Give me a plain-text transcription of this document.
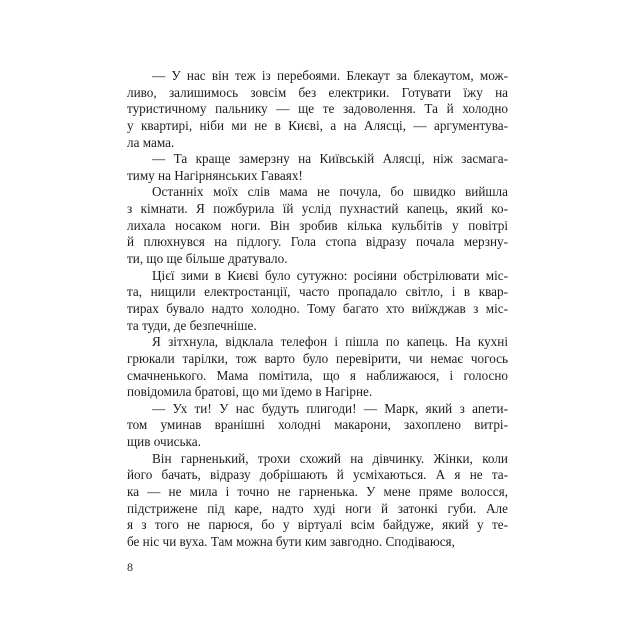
— У нас він теж із перебоями. Блекаут за блекаутом, мож-
ливо, залишимось зовсім без електрики. Готувати їжу на
туристичному пальнику — ще те задоволення. Та й холодно
у квартирі, ніби ми не в Києві, а на Алясці, — аргументува-
ла мама.
— Та краще замерзну на Київській Алясці, ніж засмага-
тиму на Нагірнянських Гаваях!
Останніх моїх слів мама не почула, бо швидко вийшла
з кімнати. Я пожбурила їй услід пухнастий капець, який ко-
лихала носаком ноги. Він зробив кілька кульбітів у повітрі
й плюхнувся на підлогу. Гола стопа відразу почала мерзну-
ти, що ще більше дратувало.
Цієї зими в Києві було сутужно: росіяни обстрілювати міс-
та, нищили електростанції, часто пропадало світло, і в квар-
тирах бувало надто холодно. Тому багато хто виїжджав з міс-
та туди, де безпечніше.
Я зітхнула, відклала телефон і пішла по капець. На кухні
грюкали тарілки, тож варто було перевірити, чи немає чогось
смачненького. Мама помітила, що я наближаюся, і голосно
повідомила братові, що ми їдемо в Нагірне.
— Ух ти! У нас будуть плигоди! — Марк, який з апети-
том уминав вранішні холодні макарони, захоплено витрі-
щив очиська.
Він гарненький, трохи схожий на дівчинку. Жінки, коли
його бачать, відразу добрішають й усміхаються. А я не та-
ка — не мила і точно не гарненька. У мене пряме волосся,
підстрижене під каре, надто худі ноги й затонкі губи. Але
я з того не парюся, бо у віртуалі всім байдуже, який у те-
бе ніс чи вуха. Там можна бути ким завгодно. Сподіваюся,
8
